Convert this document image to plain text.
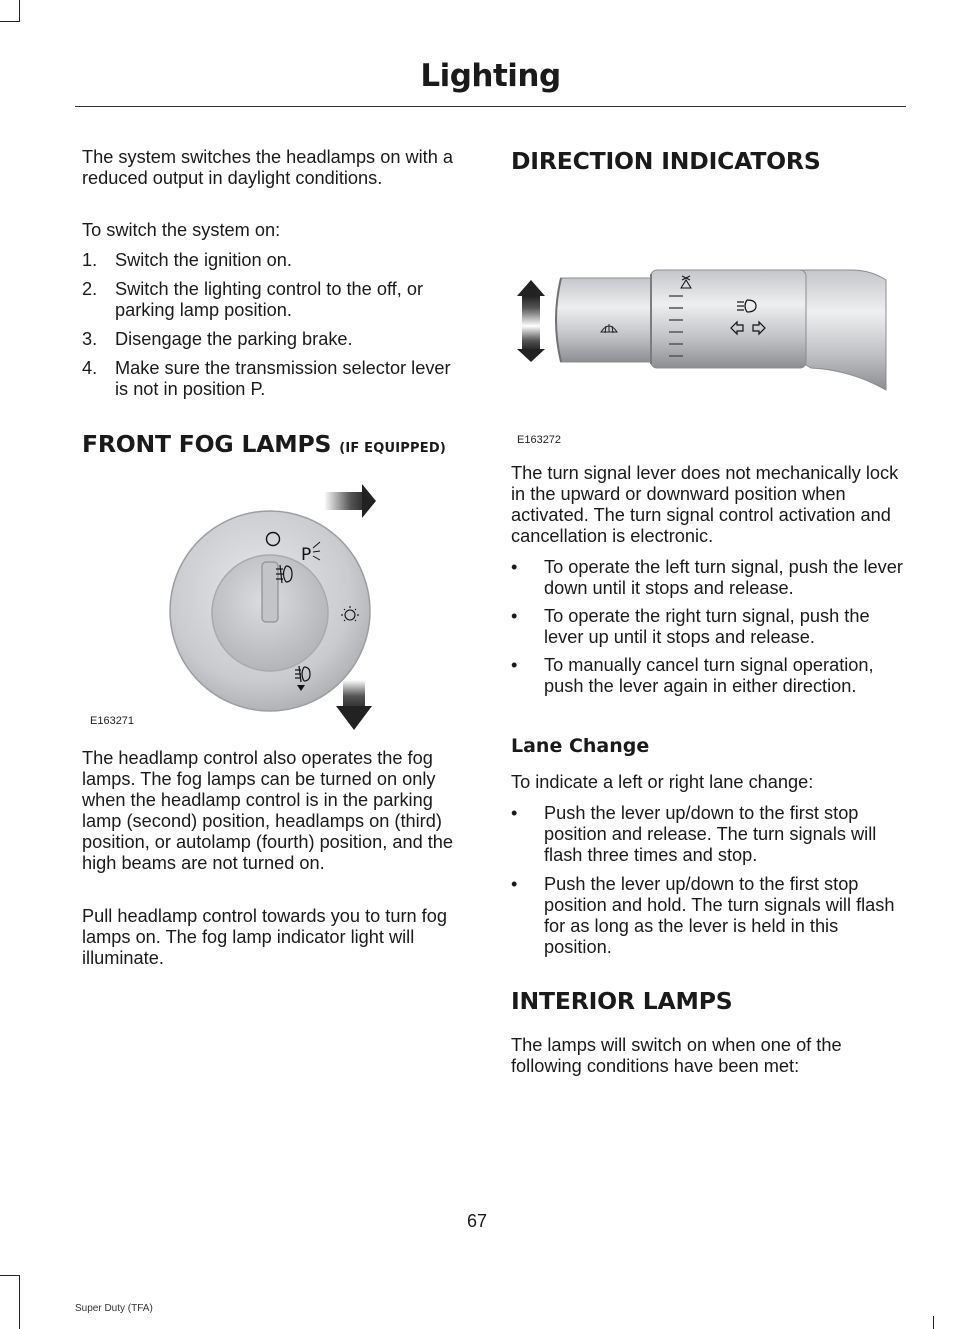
Lighting

The system switches the headlamps on with a reduced output in daylight conditions.

To switch the system on:

1. Switch the ignition on.
2. Switch the lighting control to the off, or parking lamp position.
3. Disengage the parking brake.
4. Make sure the transmission selector lever is not in position P.
FRONT FOG LAMPS (IF EQUIPPED)
P
E163271

The headlamp control also operates the fog lamps. The fog lamps can be turned on only when the headlamp control is in the parking lamp (second) position, headlamps on (third) position, or autolamp (fourth) position, and the high beams are not turned on.

Pull headlamp control towards you to turn fog lamps on. The fog lamp indicator light will illuminate.

DIRECTION INDICATORS
E163272

The turn signal lever does not mechanically lock in the upward or downward position when activated. The turn signal control activation and cancellation is electronic.

• To operate the left turn signal, push the lever down until it stops and release.
• To operate the right turn signal, push the lever up until it stops and release.
• To manually cancel turn signal operation, push the lever again in either direction.
Lane Change

To indicate a left or right lane change:

• Push the lever up/down to the first stop position and release. The turn signals will flash three times and stop.
• Push the lever up/down to the first stop position and hold. The turn signals will flash for as long as the lever is held in this position.
INTERIOR LAMPS

The lamps will switch on when one of the following conditions have been met:

67
Super Duty (TFA)
